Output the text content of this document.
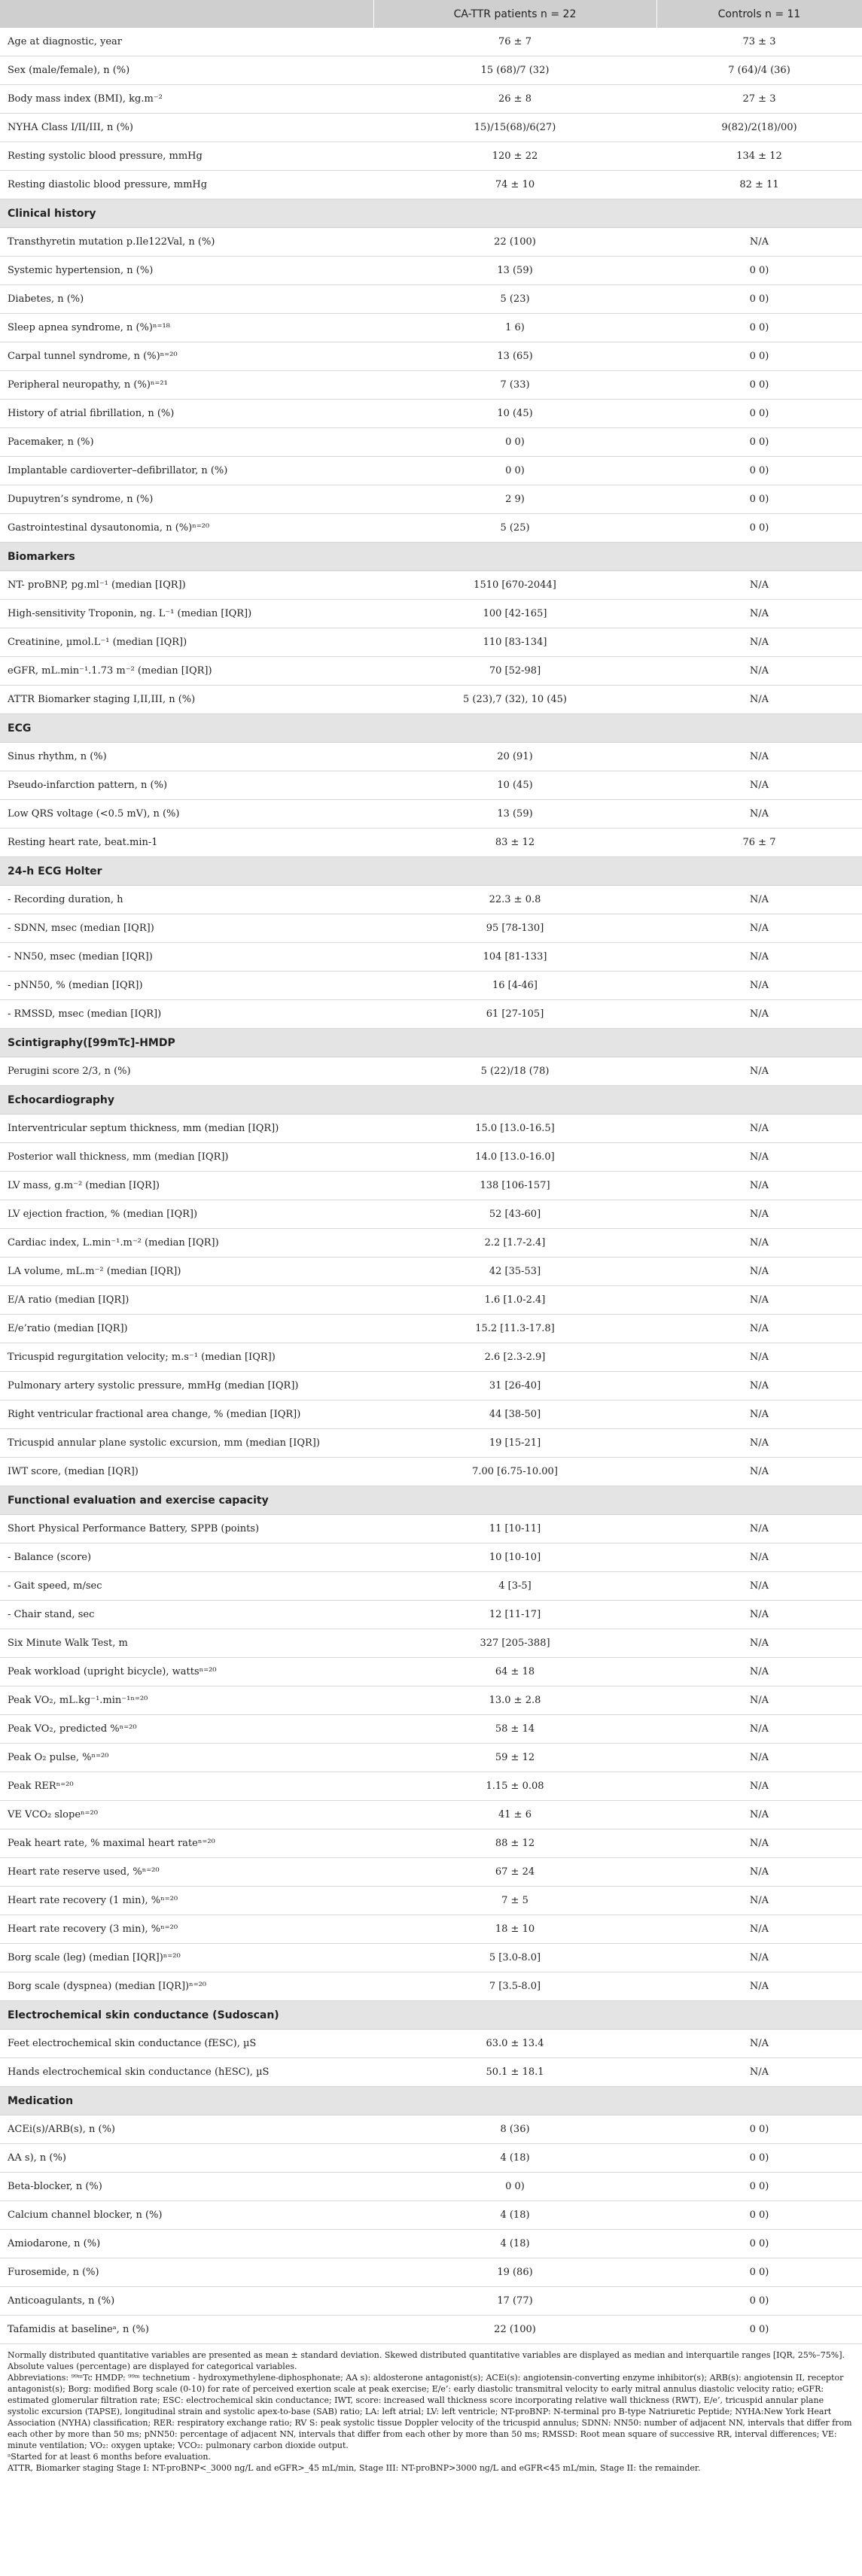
	CA-TTR patients n = 22	Controls n = 11
Age at diagnostic, year	76 ± 7	73 ± 3
Sex (male/female), n (%)	15 (68)/7 (32)	7 (64)/4 (36)
Body mass index (BMI), kg.m⁻²	26 ± 8	27 ± 3
NYHA Class I/II/III, n (%)	15)/15(68)/6(27)	9(82)/2(18)/00)
Resting systolic blood pressure, mmHg	120 ± 22	134 ± 12
Resting diastolic blood pressure, mmHg	74 ± 10	82 ± 11
Clinical history		
Transthyretin mutation p.Ile122Val, n (%)	22 (100)	N/A
Systemic hypertension, n (%)	13 (59)	0 0)
Diabetes, n (%)	5 (23)	0 0)
Sleep apnea syndrome, n (%)ⁿ⁼¹⁸	1 6)	0 0)
Carpal tunnel syndrome, n (%)ⁿ⁼²⁰	13 (65)	0 0)
Peripheral neuropathy, n (%)ⁿ⁼²¹	7 (33)	0 0)
History of atrial fibrillation, n (%)	10 (45)	0 0)
Pacemaker, n (%)	0 0)	0 0)
Implantable cardioverter–defibrillator, n (%)	0 0)	0 0)
Dupuytren’s syndrome, n (%)	2 9)	0 0)
Gastrointestinal dysautonomia, n (%)ⁿ⁼²⁰	5 (25)	0 0)
Biomarkers		
NT- proBNP, pg.ml⁻¹ (median [IQR])	1510 [670-2044]	N/A
High-sensitivity Troponin, ng. L⁻¹ (median [IQR])	100 [42-165]	N/A
Creatinine, µmol.L⁻¹ (median [IQR])	110 [83-134]	N/A
eGFR, mL.min⁻¹.1.73 m⁻² (median [IQR])	70 [52-98]	N/A
ATTR Biomarker staging I,II,III, n (%)	5 (23),7 (32), 10 (45)	N/A
ECG		
Sinus rhythm, n (%)	20 (91)	N/A
Pseudo-infarction pattern, n (%)	10 (45)	N/A
Low QRS voltage (<0.5 mV), n (%)	13 (59)	N/A
Resting heart rate, beat.min-1	83 ± 12	76 ± 7
24-h ECG Holter		
- Recording duration, h	22.3 ± 0.8	N/A
- SDNN, msec (median [IQR])	95 [78-130]	N/A
- NN50, msec (median [IQR])	104 [81-133]	N/A
- pNN50, % (median [IQR])	16 [4-46]	N/A
- RMSSD, msec (median [IQR])	61 [27-105]	N/A
Scintigraphy([99mTc]-HMDP		
Perugini score 2/3, n (%)	5 (22)/18 (78)	N/A
Echocardiography		
Interventricular septum thickness, mm (median [IQR])	15.0 [13.0-16.5]	N/A
Posterior wall thickness, mm (median [IQR])	14.0 [13.0-16.0]	N/A
LV mass, g.m⁻² (median [IQR])	138 [106-157]	N/A
LV ejection fraction, % (median [IQR])	52 [43-60]	N/A
Cardiac index, L.min⁻¹.m⁻² (median [IQR])	2.2 [1.7-2.4]	N/A
LA volume, mL.m⁻² (median [IQR])	42 [35-53]	N/A
E/A ratio (median [IQR])	1.6 [1.0-2.4]	N/A
E/e’ratio (median [IQR])	15.2 [11.3-17.8]	N/A
Tricuspid regurgitation velocity; m.s⁻¹ (median [IQR])	2.6 [2.3-2.9]	N/A
Pulmonary artery systolic pressure, mmHg (median [IQR])	31 [26-40]	N/A
Right ventricular fractional area change, % (median [IQR])	44 [38-50]	N/A
Tricuspid annular plane systolic excursion, mm (median [IQR])	19 [15-21]	N/A
IWT score, (median [IQR])	7.00 [6.75-10.00]	N/A
Functional evaluation and exercise capacity		
Short Physical Performance Battery, SPPB (points)	11 [10-11]	N/A
- Balance (score)	10 [10-10]	N/A
- Gait speed, m/sec	4 [3-5]	N/A
- Chair stand, sec	12 [11-17]	N/A
Six Minute Walk Test, m	327 [205-388]	N/A
Peak workload (upright bicycle), wattsⁿ⁼²⁰	64 ± 18	N/A
Peak VO₂, mL.kg⁻¹.min⁻¹ⁿ⁼²⁰	13.0 ± 2.8	N/A
Peak VO₂, predicted %ⁿ⁼²⁰	58 ± 14	N/A
Peak O₂ pulse, %ⁿ⁼²⁰	59 ± 12	N/A
Peak RERⁿ⁼²⁰	1.15 ± 0.08	N/A
VE VCO₂ slopeⁿ⁼²⁰	41 ± 6	N/A
Peak heart rate, % maximal heart rateⁿ⁼²⁰	88 ± 12	N/A
Heart rate reserve used, %ⁿ⁼²⁰	67 ± 24	N/A
Heart rate recovery (1 min), %ⁿ⁼²⁰	7 ± 5	N/A
Heart rate recovery (3 min), %ⁿ⁼²⁰	18 ± 10	N/A
Borg scale (leg) (median [IQR])ⁿ⁼²⁰	5 [3.0-8.0]	N/A
Borg scale (dyspnea) (median [IQR])ⁿ⁼²⁰	7 [3.5-8.0]	N/A
Electrochemical skin conductance (Sudoscan)		
Feet electrochemical skin conductance (fESC), µS	63.0 ± 13.4	N/A
Hands electrochemical skin conductance (hESC), µS	50.1 ± 18.1	N/A
Medication		
ACEi(s)/ARB(s), n (%)	8 (36)	0 0)
AA s), n (%)	4 (18)	0 0)
Beta-blocker, n (%)	0 0)	0 0)
Calcium channel blocker, n (%)	4 (18)	0 0)
Amiodarone, n (%)	4 (18)	0 0)
Furosemide, n (%)	19 (86)	0 0)
Anticoagulants, n (%)	17 (77)	0 0)
Tafamidis at baselineᵃ, n (%)	22 (100)	0 0)

Normally distributed quantitative variables are presented as mean ± standard deviation. Skewed distributed quantitative variables are displayed as median and interquartile ranges [IQR, 25%–75%]. Absolute values (percentage) are displayed for categorical variables.

Abbreviations: ⁹⁹ᵐTc HMDP: ⁹⁹ᵐ technetium - hydroxymethylene-diphosphonate; AA s): aldosterone antagonist(s); ACEi(s): angiotensin-converting enzyme inhibitor(s); ARB(s): angiotensin II, receptor antagonist(s); Borg: modified Borg scale (0-10) for rate of perceived exertion scale at peak exercise; E/e’: early diastolic transmitral velocity to early mitral annulus diastolic velocity ratio; eGFR: estimated glomerular filtration rate; ESC: electrochemical skin conductance; IWT, score: increased wall thickness score incorporating relative wall thickness (RWT), E/e’, tricuspid annular plane systolic excursion (TAPSE), longitudinal strain and systolic apex-to-base (SAB) ratio; LA: left atrial; LV: left ventricle; NT-proBNP: N-terminal pro B-type Natriuretic Peptide; NYHA:New York Heart Association (NYHA) classification; RER: respiratory exchange ratio; RV S: peak systolic tissue Doppler velocity of the tricuspid annulus; SDNN: NN50: number of adjacent NN, intervals that differ from each other by more than 50 ms; pNN50: percentage of adjacent NN, intervals that differ from each other by more than 50 ms; RMSSD: Root mean square of successive RR, interval differences; VE: minute ventilation; VO₂: oxygen uptake; VCO₂: pulmonary carbon dioxide output.

ᵃStarted for at least 6 months before evaluation.

ATTR, Biomarker staging Stage I: NT-proBNP<_3000 ng/L and eGFR>_45 mL/min, Stage III: NT-proBNP>3000 ng/L and eGFR<45 mL/min, Stage II: the remainder.
